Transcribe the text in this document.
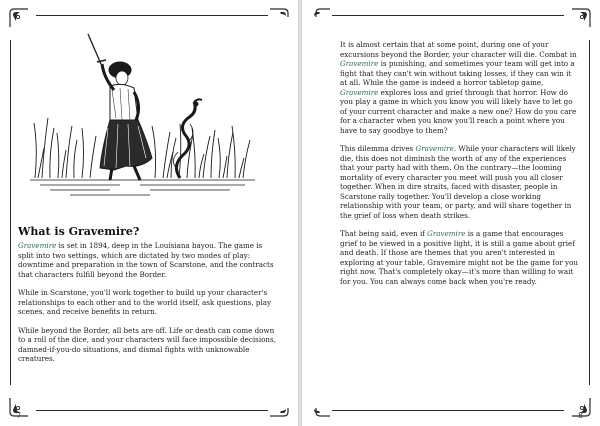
What is Gravemire?

Gravemire is set in 1894, deep in the Louisiana bayou. The game is split into two settings, which are dictated by two modes of play: downtime and preparation in the town of Scarstone, and the contracts that characters fulfill beyond the Border.

While in Scarstone, you'll work together to build up your character's relationships to each other and to the world itself, ask questions, play scenes, and receive benefits in return.

While beyond the Border, all bets are off. Life or death can come down to a roll of the dice, and your characters will face impossible decisions, damned-if-you-do situations, and dismal fights with unknowable creatures.

7

It is almost certain that at some point, during one of your excursions beyond the Border, your character will die. Combat in Gravemire is punishing, and sometimes your team will get into a fight that they can't win without taking losses, if they can win it at all. While the game is indeed a horror tabletop game, Gravemire explores loss and grief through that horror. How do you play a game in which you know you will likely have to let go of your current character and make a new one? How do you care for a character when you know you'll reach a point where you have to say goodbye to them?

This dilemma drives Gravemire. While your characters will likely die, this does not diminish the worth of any of the experiences that your party had with them. On the contrary—the looming mortality of every character you meet will push you all closer together. When in dire straits, faced with disaster, people in Scarstone rally together. You'll develop a close working relationship with your team, or party, and will share together in the grief of loss when death strikes.

That being said, even if Gravemire is a game that encourages grief to be viewed in a positive light, it is still a game about grief and death. If those are themes that you aren't interested in exploring at your table, Gravemire might not be the game for you right now. That's completely okay—it's more than willing to wait for you. You can always come back when you're ready.

8
